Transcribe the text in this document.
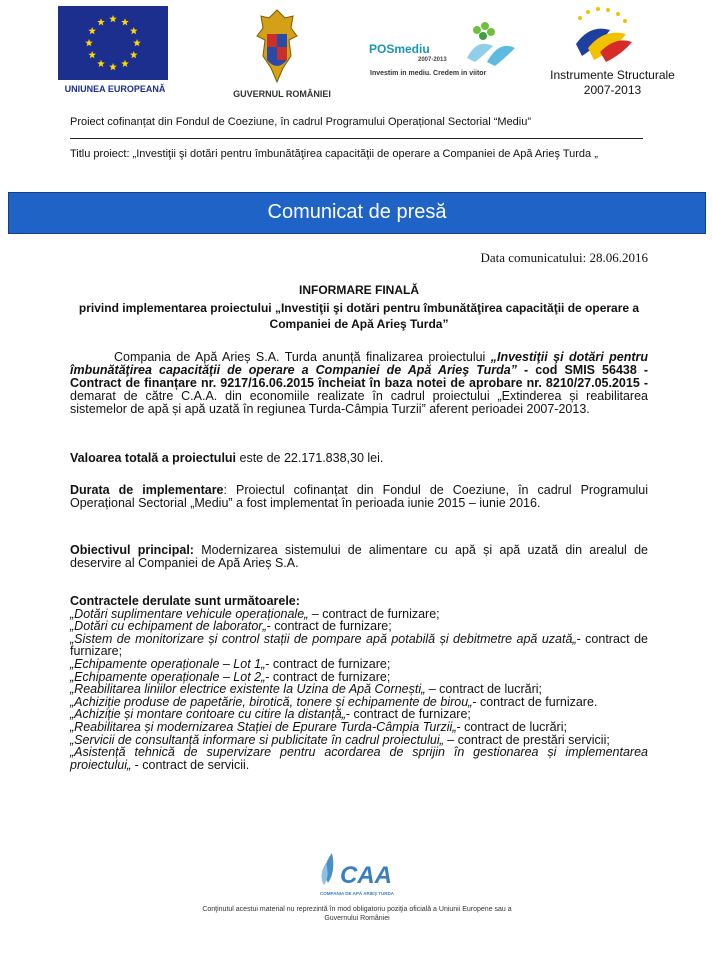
UNIUNEA EUROPEANĂ	GUVERNUL ROMÂNIEI
POSmediu
2007-2013
Investim in mediu. Credem in viitor	Instrumente Structurale
2007-2013
Proiect cofinanțat din Fondul de Coeziune, în cadrul Programului Operațional Sectorial “Mediu”
Titlu proiect: „Investiţii şi dotări pentru îmbunătăţirea capacităţii de operare a Companiei de Apă Arieş Turda „
Comunicat de presă
Data comunicatului: 28.06.2016
INFORMARE FINALĂ
privind implementarea proiectului „Investiţii şi dotări pentru îmbunătăţirea capacităţii de operare a Companiei de Apă Arieş Turda”
Compania de Apă Arieș S.A. Turda anunță finalizarea proiectului „Investiţii şi dotări pentru îmbunătăţirea capacităţii de operare a Companiei de Apă Arieş Turda” - cod SMIS 56438 - Contract de finanțare nr. 9217/16.06.2015 încheiat în baza notei de aprobare nr. 8210/27.05.2015 - demarat de către C.A.A. din economiile realizate în cadrul proiectului „Extinderea și reabilitarea sistemelor de apă și apă uzată în regiunea Turda-Câmpia Turzii” aferent perioadei 2007-2013.
Valoarea totală a proiectului este de 22.171.838,30 lei.
Durata de implementare: Proiectul cofinanțat din Fondul de Coeziune, în cadrul Programului Operațional Sectorial „Mediu” a fost implementat în perioada iunie 2015 – iunie 2016.
Obiectivul principal: Modernizarea sistemului de alimentare cu apă și apă uzată din arealul de deservire al Companiei de Apă Arieș S.A.
Contractele derulate sunt următoarele:
„Dotări suplimentare vehicule operaționale„ – contract de furnizare;
„Dotări cu echipament de laborator„- contract de furnizare;
„Sistem de monitorizare și control stații de pompare apă potabilă și debitmetre apă uzată„- contract de furnizare;
„Echipamente operaționale – Lot 1„- contract de furnizare;
„Echipamente operaționale – Lot 2„- contract de furnizare;
„Reabilitarea liniilor electrice existente la Uzina de Apă Cornești„ – contract de lucrări;
„Achiziție produse de papetărie, birotică, tonere și echipamente de birou„- contract de furnizare.
„Achiziție și montare contoare cu citire la distanță„- contract de furnizare;
„Reabilitarea și modernizarea Stației de Epurare Turda-Câmpia Turzii„- contract de lucrări;
„Servicii de consultanță informare si publicitate în cadrul proiectului„ – contract de prestări servicii;
„Asistență tehnică de supervizare pentru acordarea de sprijin în gestionarea și implementarea proiectului„ - contract de servicii.
CAA
COMPANIA DE APĂ ARIEŞ TURDA
Conţinutul acestui material nu reprezintă în mod obligatoriu poziţia oficială a Uniunii Europene sau a Guvernului României
